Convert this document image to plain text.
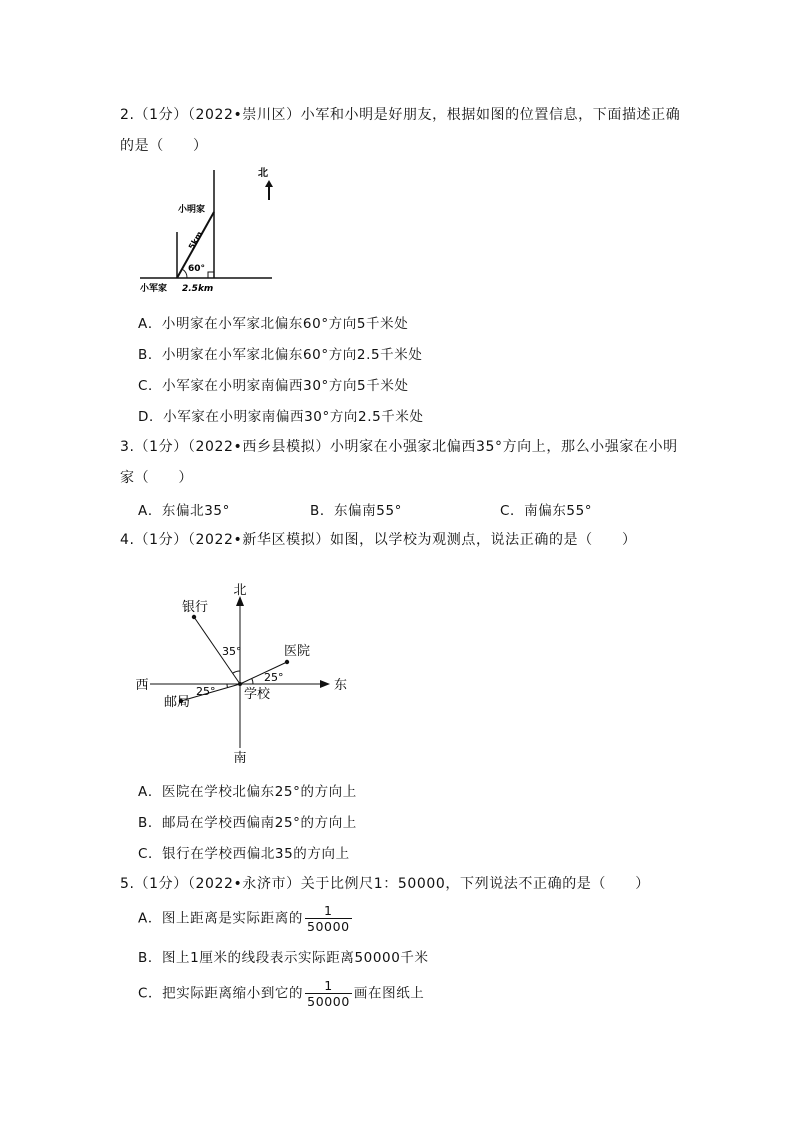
2.（1分）（2022•崇川区）小军和小明是好朋友，根据如图的位置信息，下面描述正确
的是（　　）
北
小明家
5km
60°
小军家 2.5km
A．小明家在小军家北偏东60°方向5千米处
B．小明家在小军家北偏东60°方向2.5千米处
C．小军家在小明家南偏西30°方向5千米处
D．小军家在小明家南偏西30°方向2.5千米处
3.（1分）（2022•西乡县模拟）小明家在小强家北偏西35°方向上，那么小强家在小明
家（　　）
A．东偏北35°	B．东偏南55°	C．南偏东55°
4.（1分）（2022•新华区模拟）如图，以学校为观测点，说法正确的是（　　）
北
南
西	东
银行
医院
邮局
学校
35°
25°
25°
A．医院在学校北偏东25°的方向上
B．邮局在学校西偏南25°的方向上
C．银行在学校西偏北35的方向上
5.（1分）（2022•永济市）关于比例尺1：50000，下列说法不正确的是（　　）
A．图上距离是实际距离的 $\frac{1}{50000}$
B．图上1厘米的线段表示实际距离50000千米
C．把实际距离缩小到它的 $\frac{1}{50000}$ 画在图纸上
